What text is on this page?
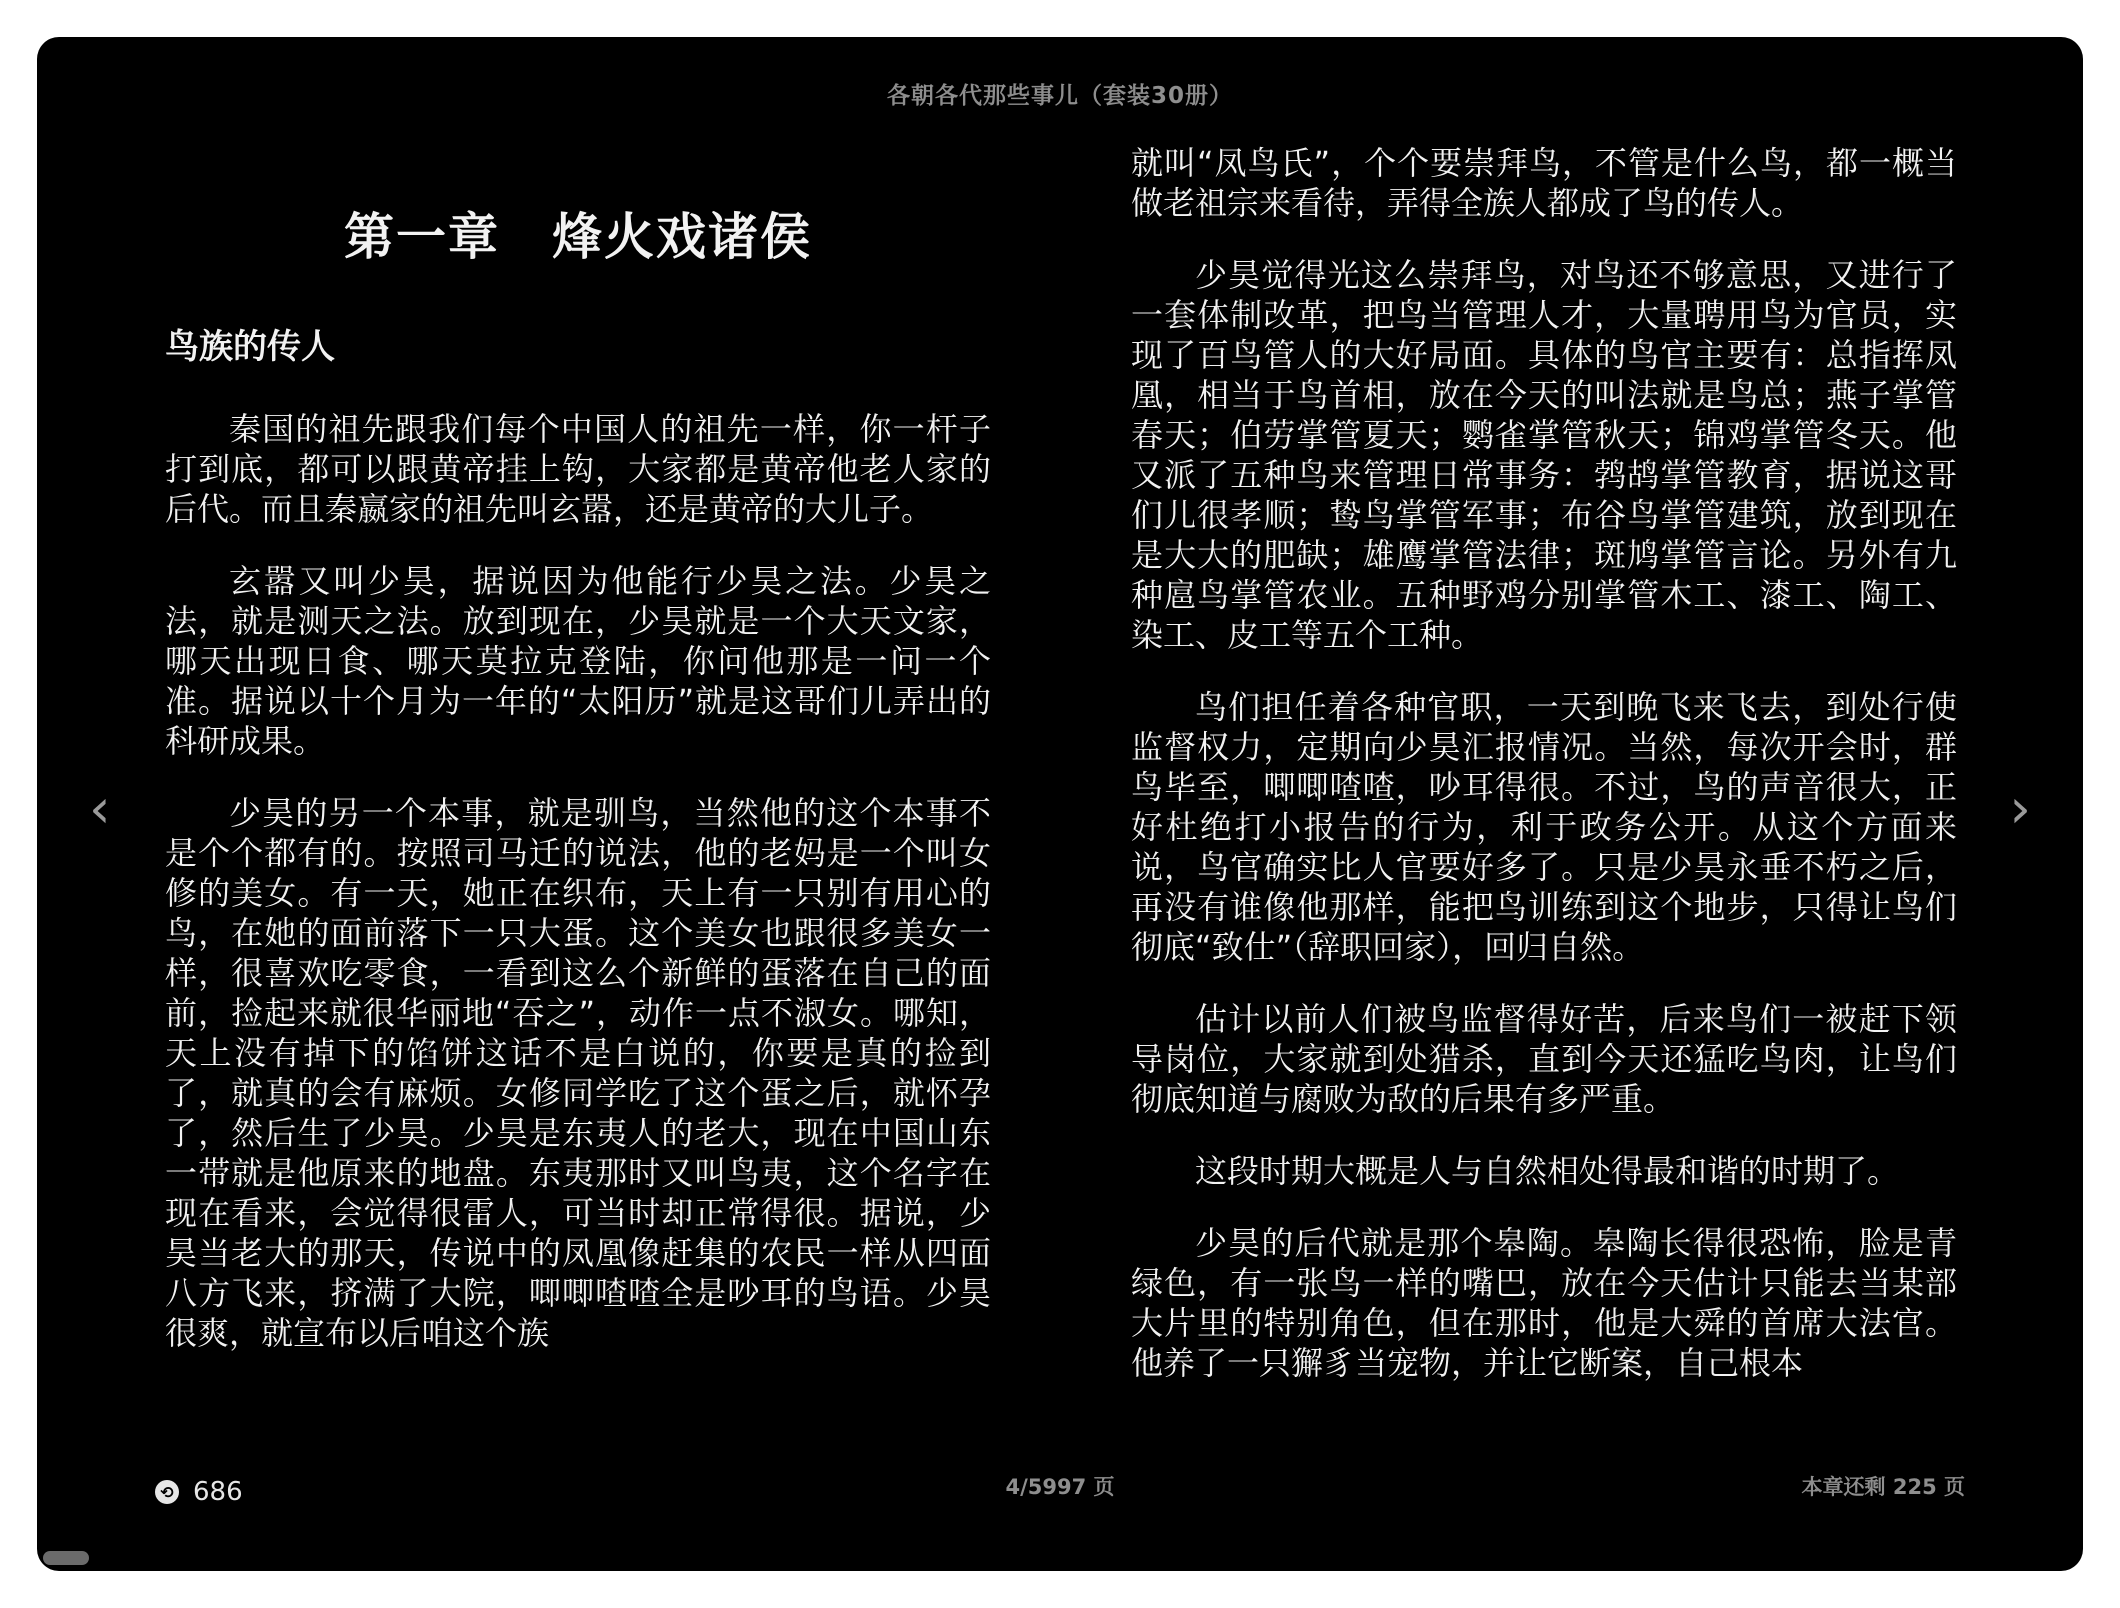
各朝各代那些事儿（套装30册）
第一章　烽火戏诸侯
鸟族的传人

秦国的祖先跟我们每个中国人的祖先一样，你一杆子打到底，都可以跟黄帝挂上钩，大家都是黄帝他老人家的后代。而且秦嬴家的祖先叫玄嚣，还是黄帝的大儿子。

玄嚣又叫少昊，据说因为他能行少昊之法。少昊之法，就是测天之法。放到现在，少昊就是一个大天文家，哪天出现日食、哪天莫拉克登陆，你问他那是一问一个准。据说以十个月为一年的“太阳历”就是这哥们儿弄出的科研成果。

少昊的另一个本事，就是驯鸟，当然他的这个本事不是个个都有的。按照司马迁的说法，他的老妈是一个叫女修的美女。有一天，她正在织布，天上有一只别有用心的鸟，在她的面前落下一只大蛋。这个美女也跟很多美女一样，很喜欢吃零食，一看到这么个新鲜的蛋落在自己的面前，捡起来就很华丽地“吞之”，动作一点不淑女。哪知，天上没有掉下的馅饼这话不是白说的，你要是真的捡到了，就真的会有麻烦。女修同学吃了这个蛋之后，就怀孕了，然后生了少昊。少昊是东夷人的老大，现在中国山东一带就是他原来的地盘。东夷那时又叫鸟夷，这个名字在现在看来，会觉得很雷人，可当时却正常得很。据说，少昊当老大的那天，传说中的凤凰像赶集的农民一样从四面八方飞来，挤满了大院，唧唧喳喳全是吵耳的鸟语。少昊很爽，就宣布以后咱这个族

就叫“凤鸟氏”，个个要崇拜鸟，不管是什么鸟，都一概当做老祖宗来看待，弄得全族人都成了鸟的传人。

少昊觉得光这么崇拜鸟，对鸟还不够意思，又进行了一套体制改革，把鸟当管理人才，大量聘用鸟为官员，实现了百鸟管人的大好局面。具体的鸟官主要有：总指挥凤凰，相当于鸟首相，放在今天的叫法就是鸟总；燕子掌管春天；伯劳掌管夏天；鹦雀掌管秋天；锦鸡掌管冬天。他又派了五种鸟来管理日常事务：鹁鸪掌管教育，据说这哥们儿很孝顺；鸷鸟掌管军事；布谷鸟掌管建筑，放到现在是大大的肥缺；雄鹰掌管法律；斑鸠掌管言论。另外有九种扈鸟掌管农业。五种野鸡分别掌管木工、漆工、陶工、染工、皮工等五个工种。

鸟们担任着各种官职，一天到晚飞来飞去，到处行使监督权力，定期向少昊汇报情况。当然，每次开会时，群鸟毕至，唧唧喳喳，吵耳得很。不过，鸟的声音很大，正好杜绝打小报告的行为，利于政务公开。从这个方面来说，鸟官确实比人官要好多了。只是少昊永垂不朽之后，再没有谁像他那样，能把鸟训练到这个地步，只得让鸟们彻底“致仕”（辞职回家），回归自然。

估计以前人们被鸟监督得好苦，后来鸟们一被赶下领导岗位，大家就到处猎杀，直到今天还猛吃鸟肉，让鸟们彻底知道与腐败为敌的后果有多严重。

这段时期大概是人与自然相处得最和谐的时期了。

少昊的后代就是那个皋陶。皋陶长得很恐怖，脸是青绿色，有一张鸟一样的嘴巴，放在今天估计只能去当某部大片里的特别角色，但在那时，他是大舜的首席大法官。他养了一只獬豸当宠物，并让它断案，自己根本

‹	›
⟲ 686	4/5997 页	本章还剩 225 页
